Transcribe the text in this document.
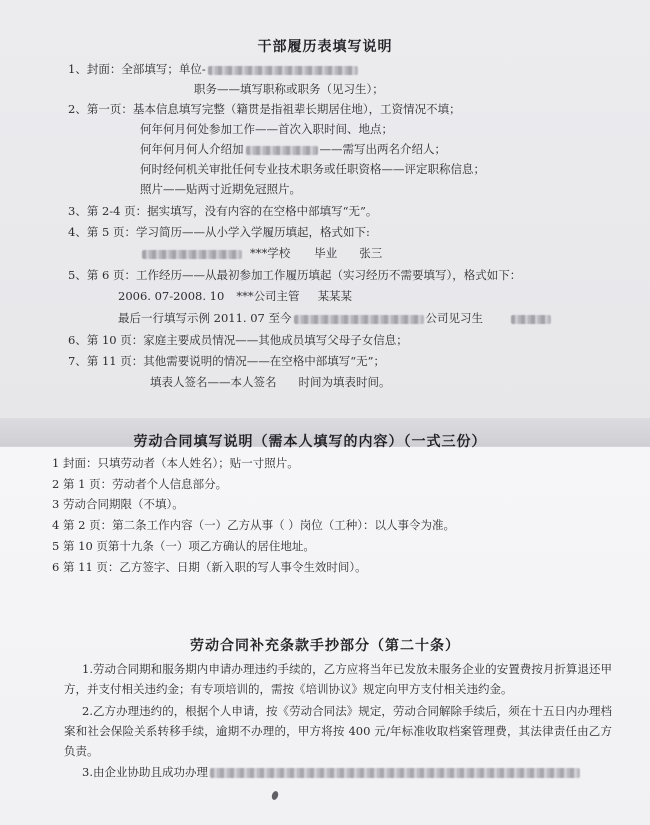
干部履历表填写说明
1、封面：全部填写；单位-
职务——填写职称或职务（见习生）；
2、第一页：基本信息填写完整（籍贯是指祖辈长期居住地），工资情况不填；
何年何月何处参加工作——首次入职时间、地点；
何年何月何人介绍加	——需写出两名介绍人；
何时经何机关审批任何专业技术职务或任职资格——评定职称信息；
照片——贴两寸近期免冠照片。
3、第 2-4 页：据实填写，没有内容的在空格中部填写“无”。
4、第 5 页：学习简历——从小学入学履历填起，格式如下:
***学校 毕业 张三
5、第 6 页：工作经历——从最初参加工作履历填起（实习经历不需要填写），格式如下：
2006. 07-2008. 10 ***公司主管 某某某
最后一行填写示例 2011. 07 至今	公司见习生
6、第 10 页：家庭主要成员情况——其他成员填写父母子女信息；
7、第 11 页：其他需要说明的情况——在空格中部填写“无”；
填表人签名——本人签名 时间为填表时间。
劳动合同填写说明（需本人填写的内容）（一式三份）
1 封面：只填劳动者（本人姓名）；贴一寸照片。
2 第 1 页：劳动者个人信息部分。
3 劳动合同期限（不填）。
4 第 2 页：第二条工作内容（一）乙方从事（ ）岗位（工种）：以人事令为准。
5 第 10 页第十九条（一）项乙方确认的居住地址。
6 第 11 页：乙方签字、日期（新入职的写人事令生效时间）。
劳动合同补充条款手抄部分（第二十条）
1.劳动合同期和服务期内申请办理违约手续的，乙方应将当年已发放未服务企业的安置费按月折算退还甲方，并支付相关违约金；有专项培训的，需按《培训协议》规定向甲方支付相关违约金。
2.乙方办理违约的，根据个人申请，按《劳动合同法》规定，劳动合同解除手续后，须在十五日内办理档案和社会保险关系转移手续，逾期不办理的，甲方将按 400 元/年标准收取档案管理费，其法律责任由乙方负责。
3.由企业协助且成功办理
